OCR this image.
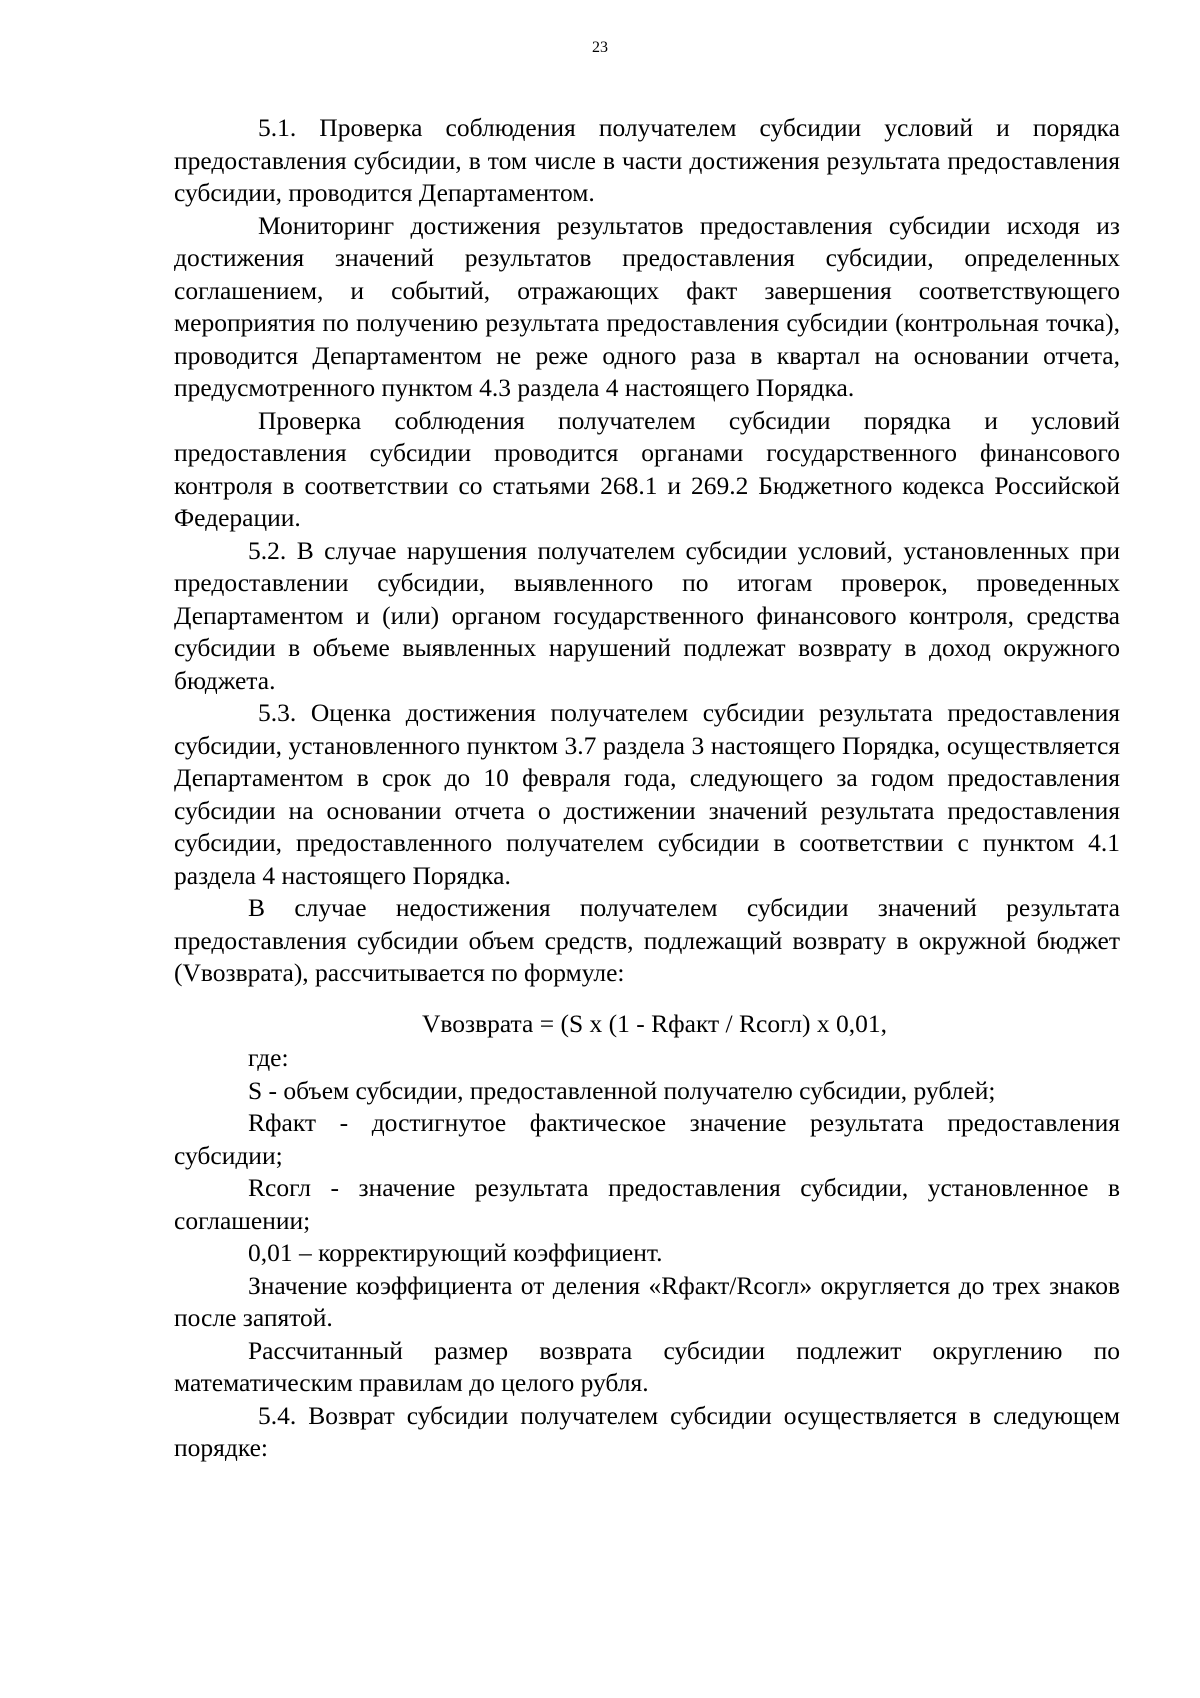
23

5.1. Проверка соблюдения получателем субсидии условий и порядка предоставления субсидии, в том числе в части достижения результата предоставления субсидии, проводится Департаментом.

Мониторинг достижения результатов предоставления субсидии исходя из достижения значений результатов предоставления субсидии, определенных соглашением, и событий, отражающих факт завершения соответствующего мероприятия по получению результата предоставления субсидии (контрольная точка), проводится Департаментом не реже одного раза в квартал на основании отчета, предусмотренного пунктом 4.3 раздела 4 настоящего Порядка.

Проверка соблюдения получателем субсидии порядка и условий предоставления субсидии проводится органами государственного финансового контроля в соответствии со статьями 268.1 и 269.2 Бюджетного кодекса Российской Федерации.

5.2. В случае нарушения получателем субсидии условий, установленных при предоставлении субсидии, выявленного по итогам проверок, проведенных Департаментом и (или) органом государственного финансового контроля, средства субсидии в объеме выявленных нарушений подлежат возврату в доход окружного бюджета.

5.3. Оценка достижения получателем субсидии результата предоставления субсидии, установленного пунктом 3.7 раздела 3 настоящего Порядка, осуществляется Департаментом в срок до 10 февраля года, следующего за годом предоставления субсидии на основании отчета о достижении значений результата предоставления субсидии, предоставленного получателем субсидии в соответствии с пунктом 4.1 раздела 4 настоящего Порядка.

В случае недостижения получателем субсидии значений результата предоставления субсидии объем средств, подлежащий возврату в окружной бюджет (Vвозврата), рассчитывается по формуле:

Vвозврата = (S х (1 - Rфакт / Rсогл) х 0,01,

где:

S - объем субсидии, предоставленной получателю субсидии, рублей;

Rфакт - достигнутое фактическое значение результата предоставления субсидии;

Rсогл - значение результата предоставления субсидии, установленное в соглашении;

0,01 – корректирующий коэффициент.

Значение коэффициента от деления «Rфакт/Rсогл» округляется до трех знаков после запятой.

Рассчитанный размер возврата субсидии подлежит округлению по математическим правилам до целого рубля.

5.4. Возврат субсидии получателем субсидии осуществляется в следующем порядке:
